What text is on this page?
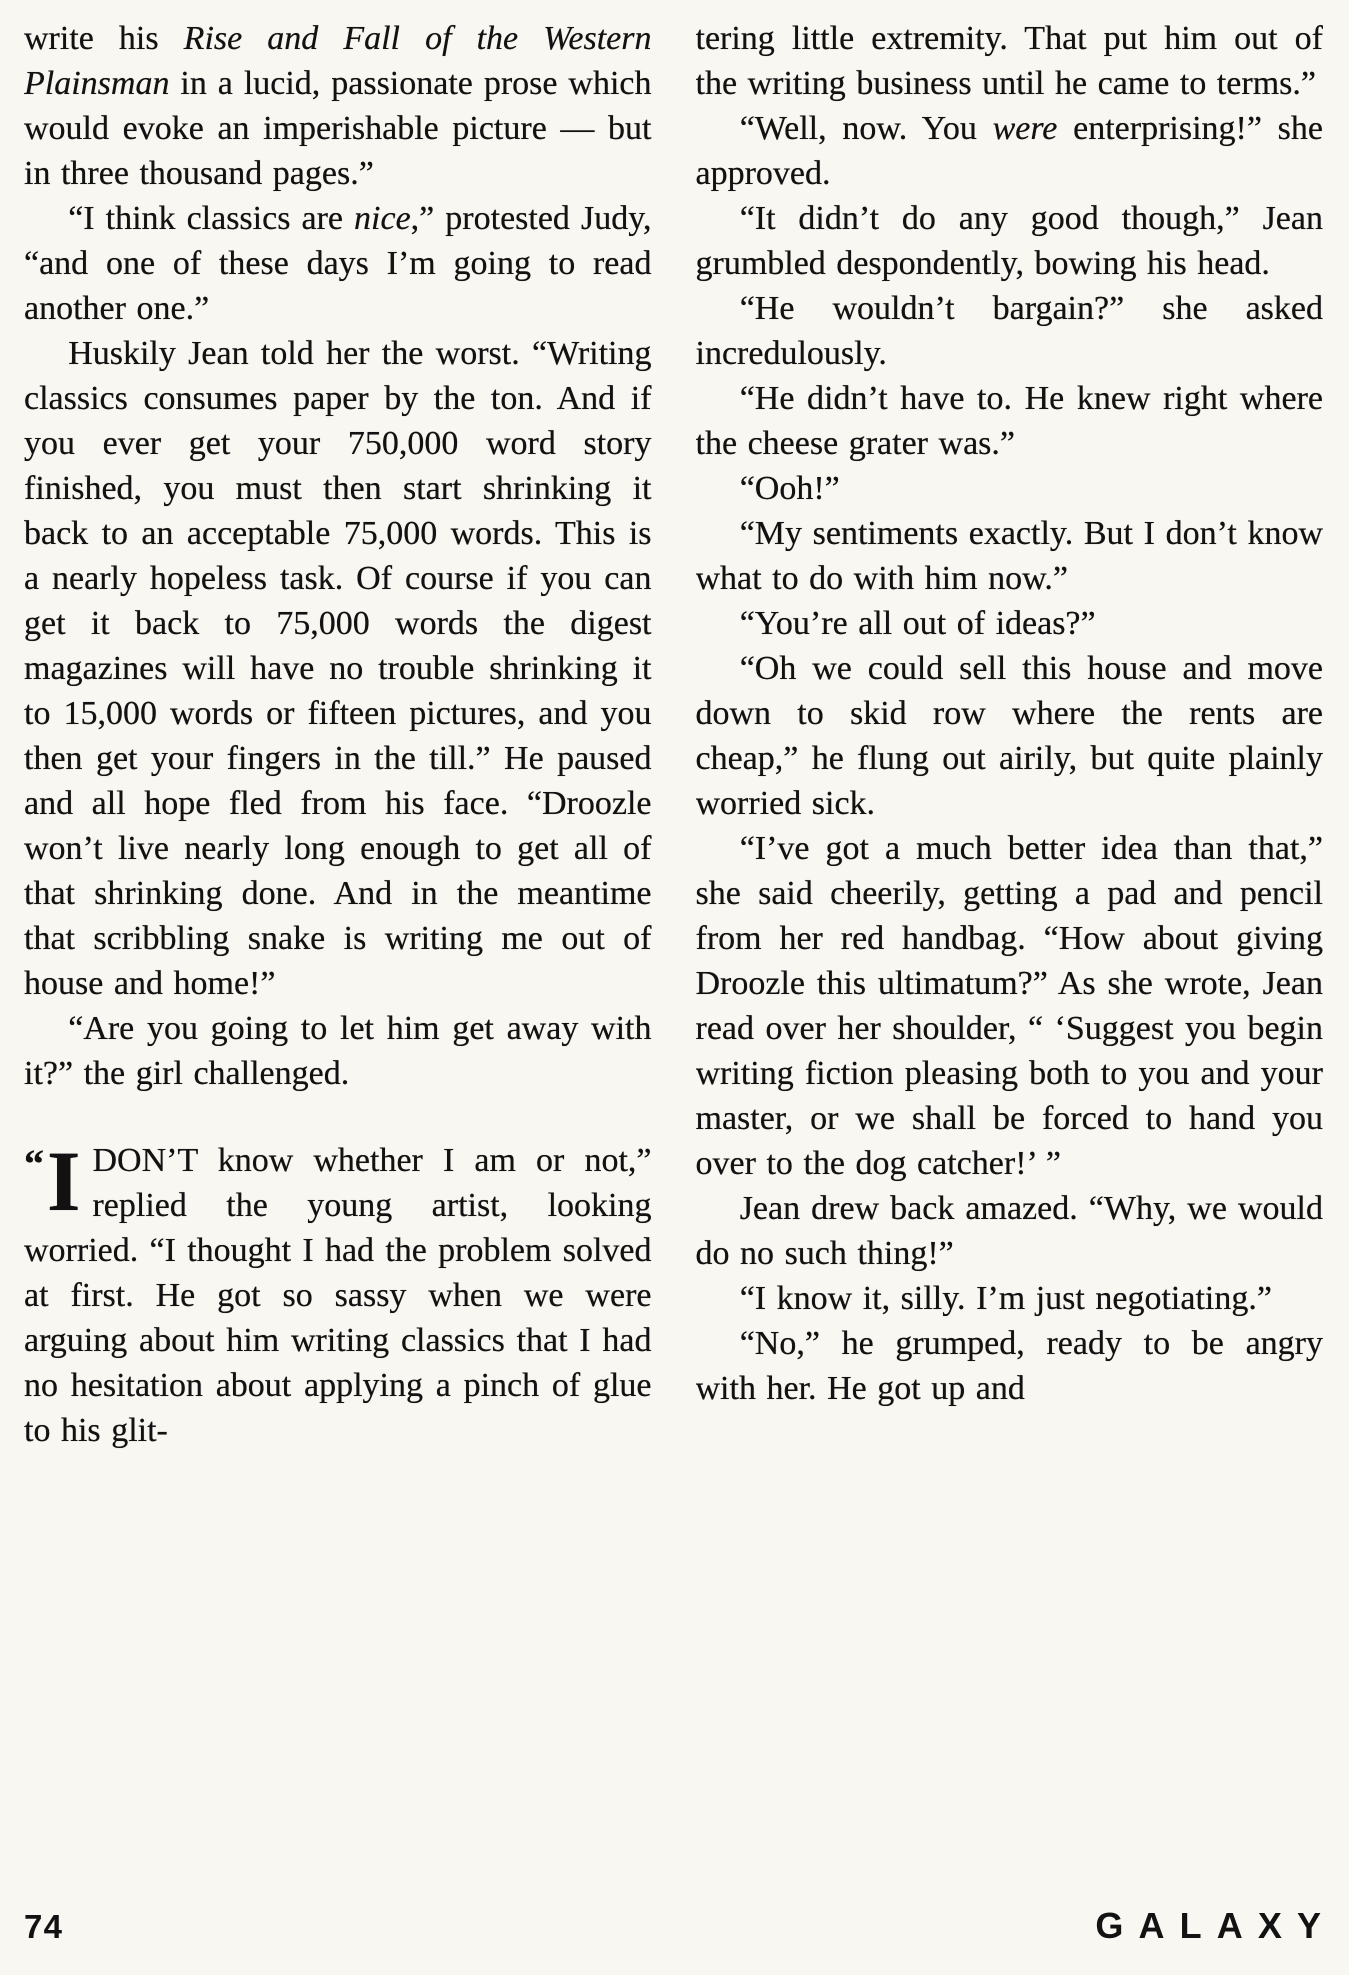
write his Rise and Fall of the Western Plainsman in a lucid, passionate prose which would evoke an imperishable picture — but in three thousand pages.”

“I think classics are nice,” protested Judy, “and one of these days I’m going to read another one.”

Huskily Jean told her the worst. “Writing classics consumes paper by the ton. And if you ever get your 750,000 word story finished, you must then start shrinking it back to an acceptable 75,000 words. This is a nearly hopeless task. Of course if you can get it back to 75,000 words the digest magazines will have no trouble shrinking it to 15,000 words or fifteen pictures, and you then get your fingers in the till.” He paused and all hope fled from his face. “Droozle won’t live nearly long enough to get all of that shrinking done. And in the meantime that scribbling snake is writing me out of house and home!”

“Are you going to let him get away with it?” the girl challenged.

“ I DON’T know whether I am or not,” replied the young artist, looking worried. “I thought I had the problem solved at first. He got so sassy when we were arguing about him writing classics that I had no hesitation about applying a pinch of glue to his glit-

tering little extremity. That put him out of the writing business until he came to terms.”

“Well, now. You were enterprising!” she approved.

“It didn’t do any good though,” Jean grumbled despondently, bowing his head.

“He wouldn’t bargain?” she asked incredulously.

“He didn’t have to. He knew right where the cheese grater was.”

“Ooh!”

“My sentiments exactly. But I don’t know what to do with him now.”

“You’re all out of ideas?”

“Oh we could sell this house and move down to skid row where the rents are cheap,” he flung out airily, but quite plainly worried sick.

“I’ve got a much better idea than that,” she said cheerily, getting a pad and pencil from her red handbag. “How about giving Droozle this ultimatum?” As she wrote, Jean read over her shoulder, “ ‘Suggest you begin writing fiction pleasing both to you and your master, or we shall be forced to hand you over to the dog catcher!’ ”

Jean drew back amazed. “Why, we would do no such thing!”

“I know it, silly. I’m just negotiating.”

“No,” he grumped, ready to be angry with her. He got up and

74	GALAXY
